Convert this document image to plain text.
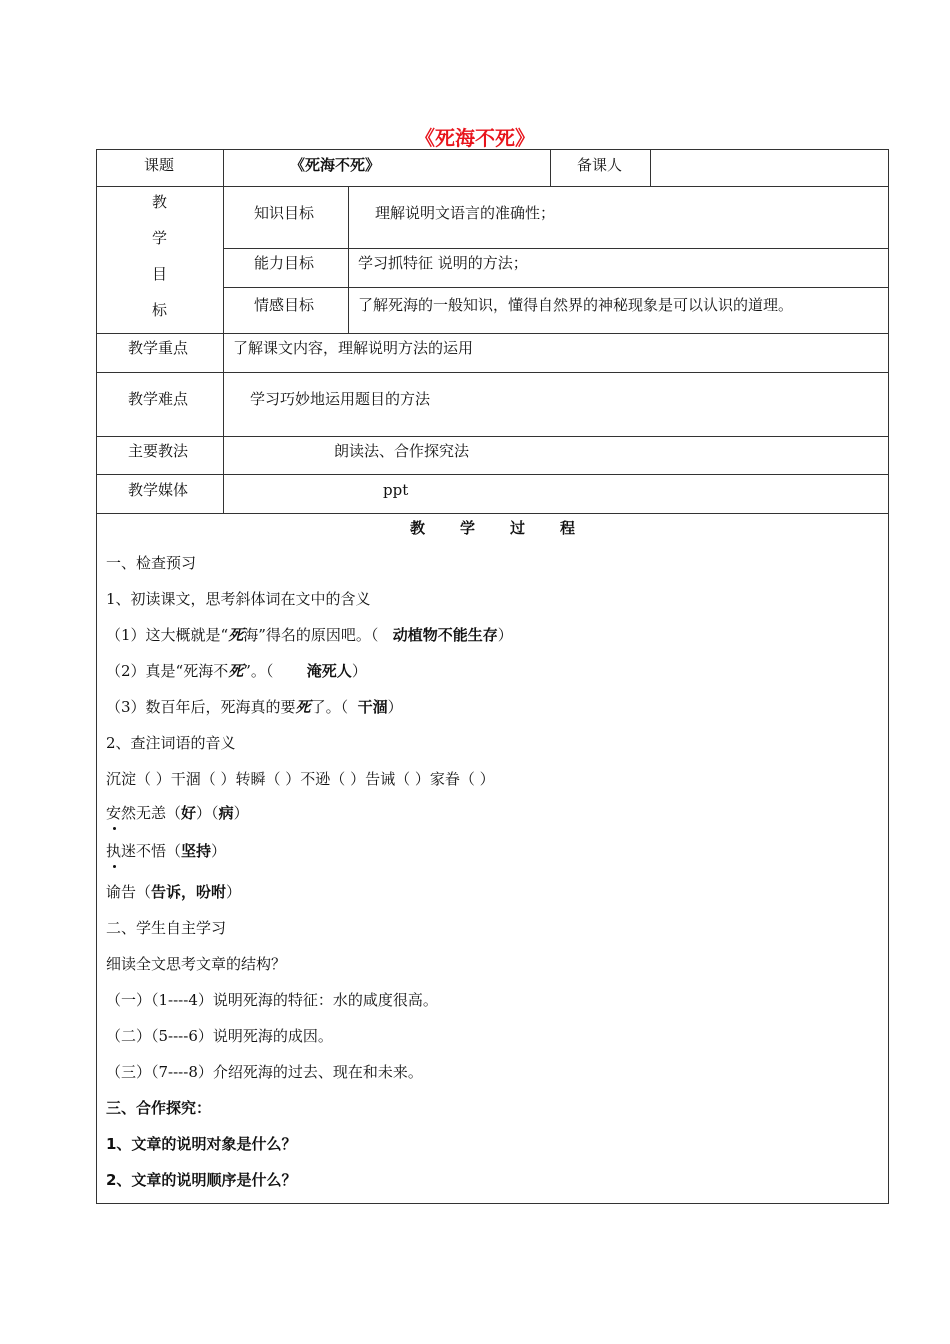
《死海不死》
课题	《死海不死》	备课人
教
学
目
标
知识目标	理解说明文语言的准确性；
能力目标	学习抓特征 说明的方法；
情感目标	了解死海的一般知识，懂得自然界的神秘现象是可以认识的道理。
教学重点	了解课文内容，理解说明方法的运用
教学难点	学习巧妙地运用题目的方法
主要教法	朗读法、合作探究法
教学媒体	ppt
教 学 过 程
一、检查预习
1、初读课文，思考斜体词在文中的含义
（1）这大概就是“死海”得名的原因吧。（ 动植物不能生存）
（2）真是“死海不死”。（ 淹死人）
（3）数百年后，死海真的要死了。（ 干涸）
2、查注词语的音义
沉淀（ ）干涸（ ）转瞬（ ）不逊（ ）告诫（ ）家眷（ ）
安然无恙（好）（病）
执迷不悟（坚持）
谕告（告诉，吩咐）
二、学生自主学习
细读全文思考文章的结构？
（一）（1----4）说明死海的特征：水的咸度很高。
（二）（5----6）说明死海的成因。
（三）（7----8）介绍死海的过去、现在和未来。
三、合作探究：
1、文章的说明对象是什么？
2、文章的说明顺序是什么？
